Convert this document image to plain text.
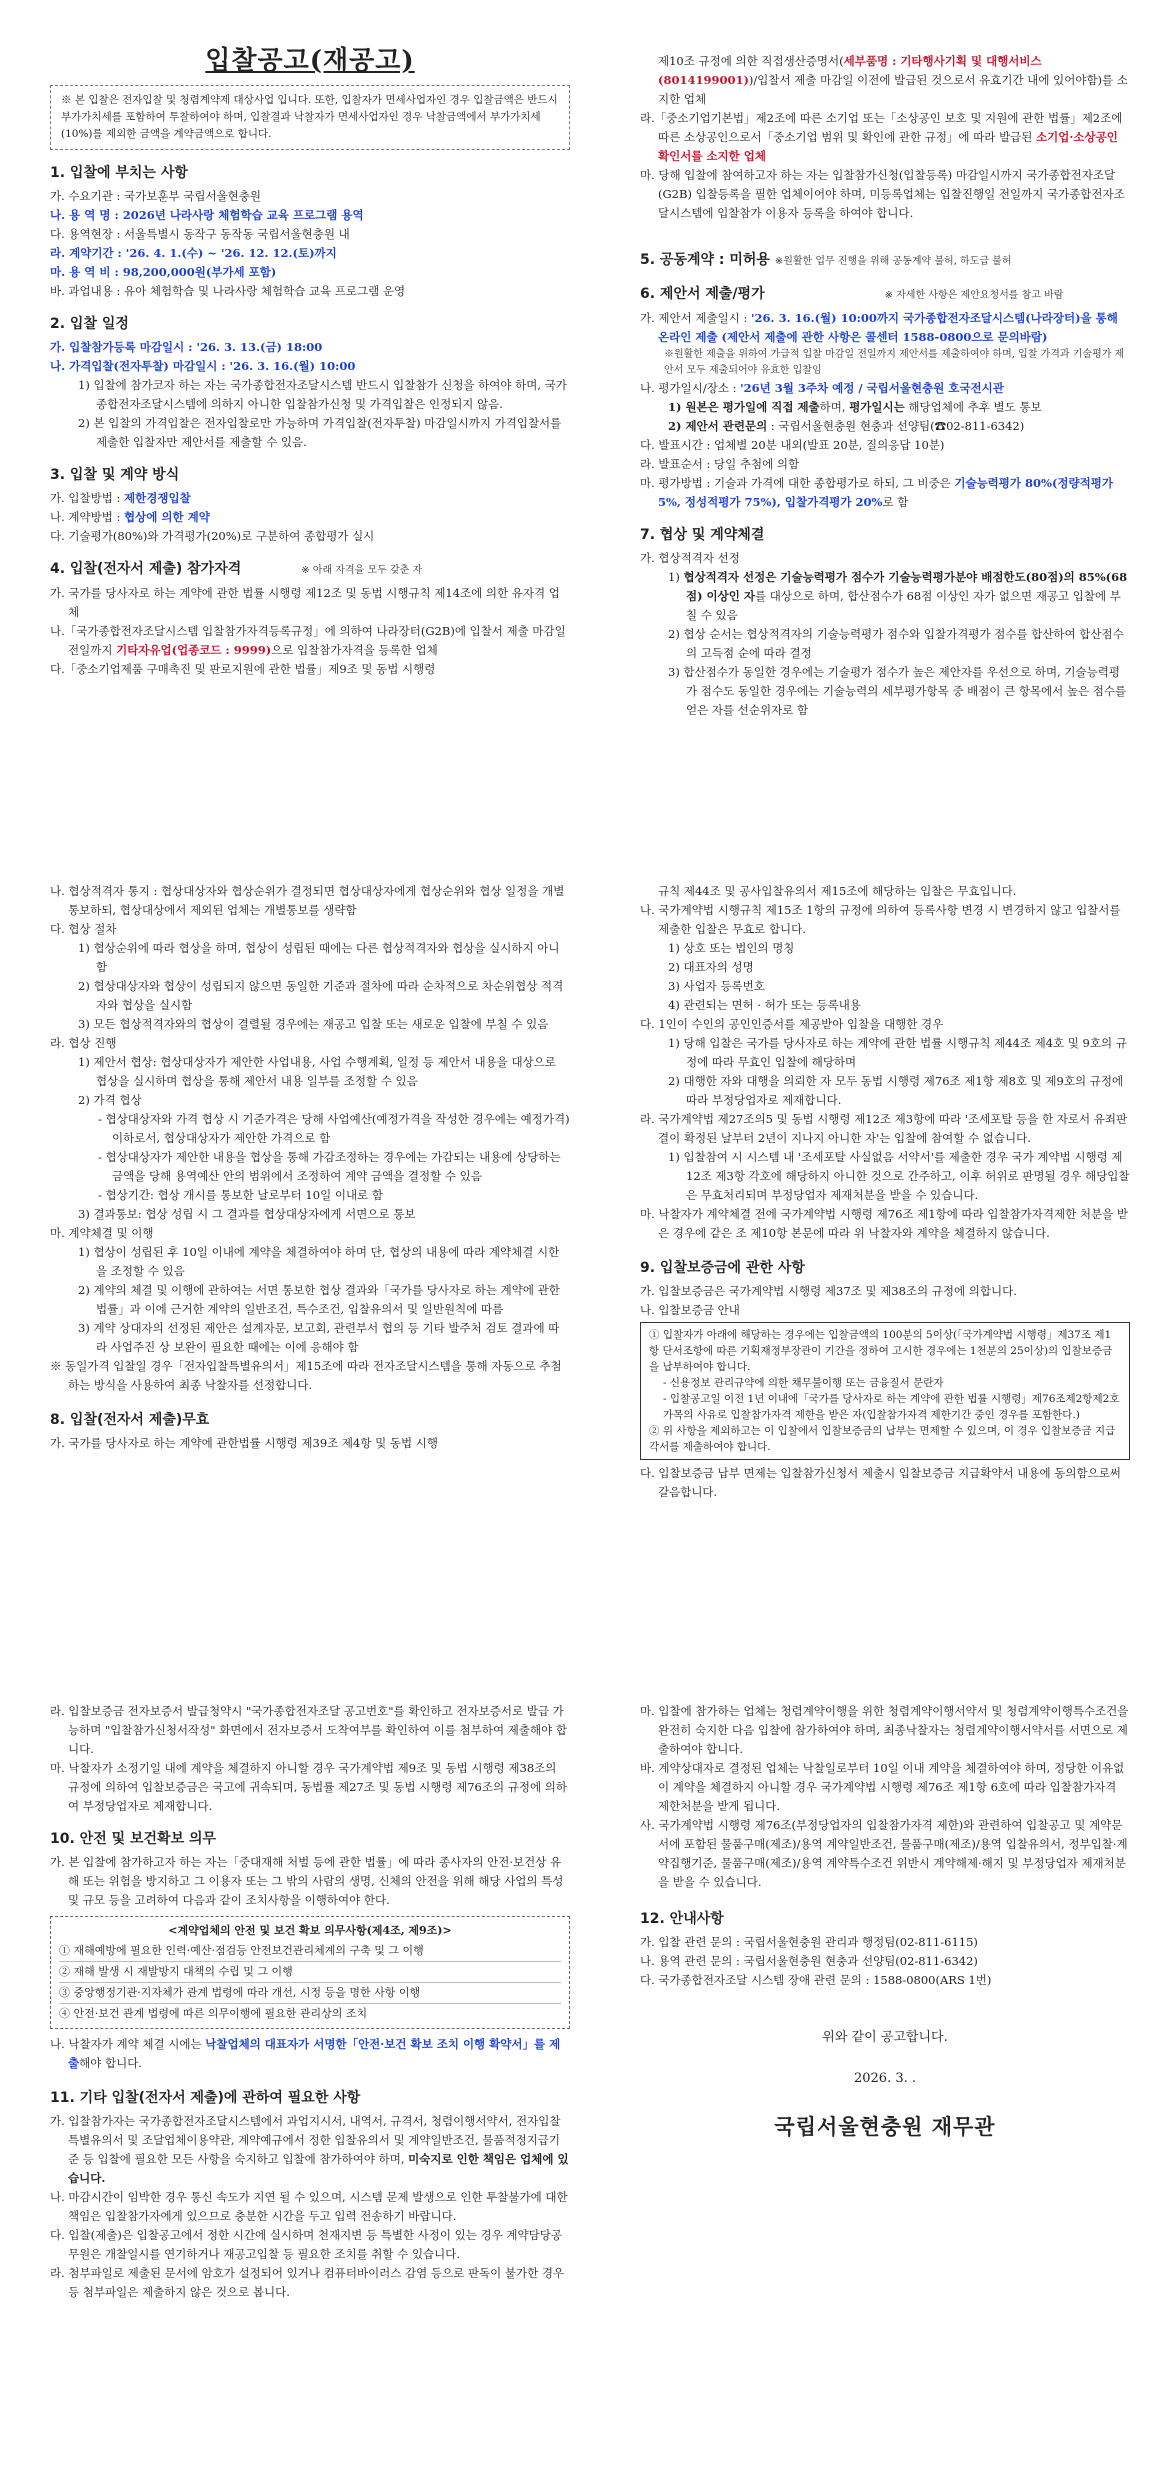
입찰공고(재공고)
※ 본 입찰은 전자입찰 및 청렴계약제 대상사업 입니다. 또한, 입찰자가 면세사업자인 경우 입찰금액은 반드시 부가가치세를 포함하여 투찰하여야 하며, 입찰결과 낙찰자가 면세사업자인 경우 낙찰금액에서 부가가치세(10%)를 제외한 금액을 계약금액으로 합니다.
1. 입찰에 부치는 사항
가. 수요기관 : 국가보훈부 국립서울현충원
나. 용 역 명 : 2026년 나라사랑 체험학습 교육 프로그램 용역
다. 용역현장 : 서울특별시 동작구 동작동 국립서울현충원 내
라. 계약기간 : '26. 4. 1.(수) ~ '26. 12. 12.(토)까지
마. 용 역 비 : 98,200,000원(부가세 포함)
바. 과업내용 : 유아 체험학습 및 나라사랑 체험학습 교육 프로그램 운영
2. 입찰 일정
가. 입찰참가등록 마감일시 : '26. 3. 13.(금) 18:00
나. 가격입찰(전자투찰) 마감일시 : '26. 3. 16.(월) 10:00
1) 입찰에 참가코자 하는 자는 국가종합전자조달시스템 반드시 입찰참가 신청을 하여야 하며, 국가종합전자조달시스템에 의하지 아니한 입찰참가신청 및 가격입찰은 인정되지 않음.
2) 본 입찰의 가격입찰은 전자입찰로만 가능하며 가격입찰(전자투찰) 마감일시까지 가격입찰서를 제출한 입찰자만 제안서를 제출할 수 있음.
3. 입찰 및 계약 방식
가. 입찰방법 : 제한경쟁입찰
나. 계약방법 : 협상에 의한 계약
다. 기술평가(80%)와 가격평가(20%)로 구분하여 종합평가 실시
4. 입찰(전자서 제출) 참가자격	※ 아래 자격을 모두 갖춘 자
가. 국가를 당사자로 하는 계약에 관한 법률 시행령 제12조 및 동법 시행규칙 제14조에 의한 유자격 업체
나.「국가종합전자조달시스템 입찰참가자격등록규정」에 의하여 나라장터(G2B)에 입찰서 제출 마감일 전일까지 기타자유업(업종코드 : 9999)으로 입찰참가자격을 등록한 업체
다.「중소기업제품 구매촉진 및 판로지원에 관한 법률」제9조 및 동법 시행령
제10조 규정에 의한 직접생산증명서(세부품명 : 기타행사기획 및 대행서비스(8014199001))/입찰서 제출 마감일 이전에 발급된 것으로서 유효기간 내에 있어야함)를 소지한 업체
라.「중소기업기본법」제2조에 따른 소기업 또는「소상공인 보호 및 지원에 관한 법률」제2조에 따른 소상공인으로서「중소기업 범위 및 확인에 관한 규정」에 따라 발급된 소기업·소상공인 확인서를 소지한 업체
마. 당해 입찰에 참여하고자 하는 자는 입찰참가신청(입찰등록) 마감일시까지 국가종합전자조달(G2B) 입찰등록을 필한 업체이어야 하며, 미등록업체는 입찰진행일 전일까지 국가종합전자조달시스템에 입찰참가 이용자 등록을 하여야 합니다.
5. 공동계약 : 미허용 ※원활한 업무 진행을 위해 공동계약 불허, 하도급 불허
6. 제안서 제출/평가	※ 자세한 사항은 제안요청서를 참고 바람
가. 제안서 제출일시 : '26. 3. 16.(월) 10:00까지 국가종합전자조달시스템(나라장터)을 통해 온라인 제출 (제안서 제출에 관한 사항은 콜센터 1588-0800으로 문의바람)
※원활한 제출을 위하여 가급적 입찰 마감일 전일까지 제안서를 제출하여야 하며, 입찰 가격과 기술평가 제안서 모두 제출되어야 유효한 입찰임
나. 평가일시/장소 : '26년 3월 3주차 예정 / 국립서울현충원 호국전시관
1) 원본은 평가일에 직접 제출하며, 평가일시는 해당업체에 추후 별도 통보
2) 제안서 관련문의 : 국립서울현충원 현충과 선양팀(☎02-811-6342)
다. 발표시간 : 업체별 20분 내외(발표 20분, 질의응답 10분)
라. 발표순서 : 당일 추첨에 의함
마. 평가방법 : 기술과 가격에 대한 종합평가로 하되, 그 비중은 기술능력평가 80%(정량적평가 5%, 정성적평가 75%), 입찰가격평가 20%로 함
7. 협상 및 계약체결
가. 협상적격자 선정
1) 협상적격자 선정은 기술능력평가 점수가 기술능력평가분야 배점한도(80점)의 85%(68점) 이상인 자를 대상으로 하며, 합산점수가 68점 이상인 자가 없으면 재공고 입찰에 부칠 수 있음
2) 협상 순서는 협상적격자의 기술능력평가 점수와 입찰가격평가 점수를 합산하여 합산점수의 고득점 순에 따라 결정
3) 합산점수가 동일한 경우에는 기술평가 점수가 높은 제안자를 우선으로 하며, 기술능력평가 점수도 동일한 경우에는 기술능력의 세부평가항목 중 배점이 큰 항목에서 높은 점수를 얻은 자를 선순위자로 함
나. 협상적격자 통지 : 협상대상자와 협상순위가 결정되면 협상대상자에게 협상순위와 협상 일정을 개별 통보하되, 협상대상에서 제외된 업체는 개별통보를 생략함
다. 협상 절차
1) 협상순위에 따라 협상을 하며, 협상이 성립된 때에는 다른 협상적격자와 협상을 실시하지 아니함
2) 협상대상자와 협상이 성립되지 않으면 동일한 기준과 절차에 따라 순차적으로 차순위협상 적격자와 협상을 실시함
3) 모든 협상적격자와의 협상이 결렬될 경우에는 재공고 입찰 또는 새로운 입찰에 부칠 수 있음
라. 협상 진행
1) 제안서 협상: 협상대상자가 제안한 사업내용, 사업 수행계획, 일정 등 제안서 내용을 대상으로 협상을 실시하며 협상을 통해 제안서 내용 일부를 조정할 수 있음
2) 가격 협상
- 협상대상자와 가격 협상 시 기준가격은 당해 사업예산(예정가격을 작성한 경우에는 예정가격) 이하로서, 협상대상자가 제안한 가격으로 함
- 협상대상자가 제안한 내용을 협상을 통해 가감조정하는 경우에는 가감되는 내용에 상당하는 금액을 당해 용역예산 안의 범위에서 조정하여 계약 금액을 결정할 수 있음
- 협상기간: 협상 개시를 통보한 날로부터 10일 이내로 함
3) 결과통보: 협상 성립 시 그 결과를 협상대상자에게 서면으로 통보
마. 계약체결 및 이행
1) 협상이 성립된 후 10일 이내에 계약을 체결하여야 하며 단, 협상의 내용에 따라 계약체결 시한을 조정할 수 있음
2) 계약의 체결 및 이행에 관하여는 서면 통보한 협상 결과와「국가를 당사자로 하는 계약에 관한 법률」과 이에 근거한 계약의 일반조건, 특수조건, 입찰유의서 및 일반원칙에 따름
3) 계약 상대자의 선정된 제안은 설계자문, 보고회, 관련부서 협의 등 기타 발주처 검토 결과에 따라 사업주진 상 보완이 필요한 때에는 이에 응해야 함
※ 동일가격 입찰일 경우「전자입찰특별유의서」제15조에 따라 전자조달시스템을 통해 자동으로 추첨하는 방식을 사용하여 최종 낙찰자를 선정합니다.
8. 입찰(전자서 제출)무효
가. 국가를 당사자로 하는 계약에 관한법률 시행령 제39조 제4항 및 동법 시행
규칙 제44조 및 공사입찰유의서 제15조에 해당하는 입찰은 무효입니다.
나. 국가계약법 시행규칙 제15조 1항의 규정에 의하여 등록사항 변경 시 변경하지 않고 입찰서를 제출한 입찰은 무효로 합니다.
1) 상호 또는 법인의 명칭
2) 대표자의 성명
3) 사업자 등록번호
4) 관련되는 면허 · 허가 또는 등록내용
다. 1인이 수인의 공인인증서를 제공받아 입찰을 대행한 경우
1) 당해 입찰은 국가를 당사자로 하는 계약에 관한 법률 시행규칙 제44조 제4호 및 9호의 규정에 따라 무효인 입찰에 해당하며
2) 대행한 자와 대행을 의뢰한 자 모두 동법 시행령 제76조 제1항 제8호 및 제9호의 규정에 따라 부정당업자로 제재합니다.
라. 국가계약법 제27조의5 및 동법 시행령 제12조 제3항에 따라 '조세포탈 등을 한 자로서 유죄판결이 확정된 날부터 2년이 지나지 아니한 자'는 입찰에 참여할 수 없습니다.
1) 입찰참여 시 시스템 내 '조세포탈 사실없음 서약서'를 제출한 경우 국가 계약법 시행령 제12조 제3항 각호에 해당하지 아니한 것으로 간주하고, 이후 허위로 판명될 경우 해당입찰은 무효처리되며 부정당업자 제재처분을 받을 수 있습니다.
마. 낙찰자가 계약체결 전에 국가계약법 시행령 제76조 제1항에 따라 입찰참가자격제한 처분을 받은 경우에 같은 조 제10항 본문에 따라 위 낙찰자와 계약을 체결하지 않습니다.
9. 입찰보증금에 관한 사항
가. 입찰보증금은 국가계약법 시행령 제37조 및 제38조의 규정에 의합니다.
나. 입찰보증금 안내
① 입찰자가 아래에 해당하는 경우에는 입찰금액의 100분의 5이상(「국가계약법 시행령」제37조 제1항 단서조항에 따른 기획재정부장관이 기간을 정하여 고시한 경우에는 1천분의 25이상)의 입찰보증금을 납부하여야 합니다.
- 신용정보 관리규약에 의한 채무불이행 또는 금융질서 문란자
- 입찰공고일 이전 1년 이내에「국가를 당사자로 하는 계약에 관한 법률 시행령」제76조제2항제2호가목의 사유로 입찰참가자격 제한을 받은 자(입찰참가자격 제한기간 중인 경우를 포함한다.)
② 위 사항을 제외하고는 이 입찰에서 입찰보증금의 납부는 면제할 수 있으며, 이 경우 입찰보증금 지급각서를 제출하여야 합니다.
다. 입찰보증금 납부 면제는 입찰참가신청서 제출시 입찰보증금 지급확약서 내용에 동의함으로써 갈음합니다.
라. 입찰보증금 전자보증서 발급청약시 "국가종합전자조달 공고번호"를 확인하고 전자보증서로 발급 가능하며 "입찰참가신청서작성" 화면에서 전자보증서 도착여부를 확인하여 이를 첨부하여 제출해야 합니다.
마. 낙찰자가 소정기일 내에 계약을 체결하지 아니할 경우 국가계약법 제9조 및 동법 시행령 제38조의 규정에 의하여 입찰보증금은 국고에 귀속되며, 동법률 제27조 및 동법 시행령 제76조의 규정에 의하여 부정당업자로 제재합니다.
10. 안전 및 보건확보 의무
가. 본 입찰에 참가하고자 하는 자는「중대재해 처벌 등에 관한 법률」에 따라 종사자의 안전·보건상 유해 또는 위험을 방지하고 그 이용자 또는 그 밖의 사람의 생명, 신체의 안전을 위해 해당 사업의 특성 및 규모 등을 고려하여 다음과 같이 조치사항을 이행하여야 한다.
<계약업체의 안전 및 보건 확보 의무사항(제4조, 제9조)>
① 재해예방에 필요한 인력·예산·점검등 안전보건관리체계의 구축 및 그 이행
② 재해 발생 시 재발방지 대책의 수립 및 그 이행
③ 중앙행정기관·지자체가 관계 법령에 따라 개선, 시정 등을 명한 사항 이행
④ 안전·보건 관계 법령에 따른 의무이행에 필요한 관리상의 조치
나. 낙찰자가 계약 체결 시에는 낙찰업체의 대표자가 서명한「안전·보건 확보 조치 이행 확약서」를 제출해야 합니다.
11. 기타 입찰(전자서 제출)에 관하여 필요한 사항
가. 입찰참가자는 국가종합전자조달시스템에서 과업지시서, 내역서, 규격서, 청렴이행서약서, 전자입찰 특별유의서 및 조달업체이용약관, 계약예규에서 정한 입찰유의서 및 계약일반조건, 물품적정지급기준 등 입찰에 필요한 모든 사항을 숙지하고 입찰에 참가하여야 하며, 미숙지로 인한 책임은 업체에 있습니다.
나. 마감시간이 임박한 경우 통신 속도가 지연 될 수 있으며, 시스템 문제 발생으로 인한 투찰불가에 대한 책임은 입찰참가자에게 있으므로 충분한 시간을 두고 입력 전송하기 바랍니다.
다. 입찰(제출)은 입찰공고에서 정한 시간에 실시하며 천재지변 등 특별한 사정이 있는 경우 계약담당공무원은 개찰일시를 연기하거나 재공고입찰 등 필요한 조치를 취할 수 있습니다.
라. 첨부파일로 제출된 문서에 암호가 설정되어 있거나 컴퓨터바이러스 감염 등으로 판독이 불가한 경우 등 첨부파일은 제출하지 않은 것으로 봅니다.
마. 입찰에 참가하는 업체는 청렴계약이행을 위한 청렴계약이행서약서 및 청렴계약이행특수조건을 완전히 숙지한 다음 입찰에 참가하여야 하며, 최종낙찰자는 청렴계약이행서약서를 서면으로 제출하여야 합니다.
바. 계약상대자로 결정된 업체는 낙찰일로부터 10일 이내 계약을 체결하여야 하며, 정당한 이유없이 계약을 체결하지 아니할 경우 국가계약법 시행령 제76조 제1항 6호에 따라 입찰참가자격 제한처분을 받게 됩니다.
사. 국가계약법 시행령 제76조(부정당업자의 입찰참가자격 제한)와 관련하여 입찰공고 및 계약문서에 포함된 물품구매(제조)/용역 계약일반조건, 물품구매(제조)/용역 입찰유의서, 정부입찰·계약집행기준, 물품구매(제조)/용역 계약특수조건 위반시 계약해제·해지 및 부정당업자 제재처분을 받을 수 있습니다.
12. 안내사항
가. 입찰 관련 문의 : 국립서울현충원 관리과 행정팀(02-811-6115)
나. 용역 관련 문의 : 국립서울현충원 현충과 선양팀(02-811-6342)
다. 국가종합전자조달 시스템 장애 관련 문의 : 1588-0800(ARS 1번)
위와 같이 공고합니다.
2026. 3. .
국립서울현충원 재무관
